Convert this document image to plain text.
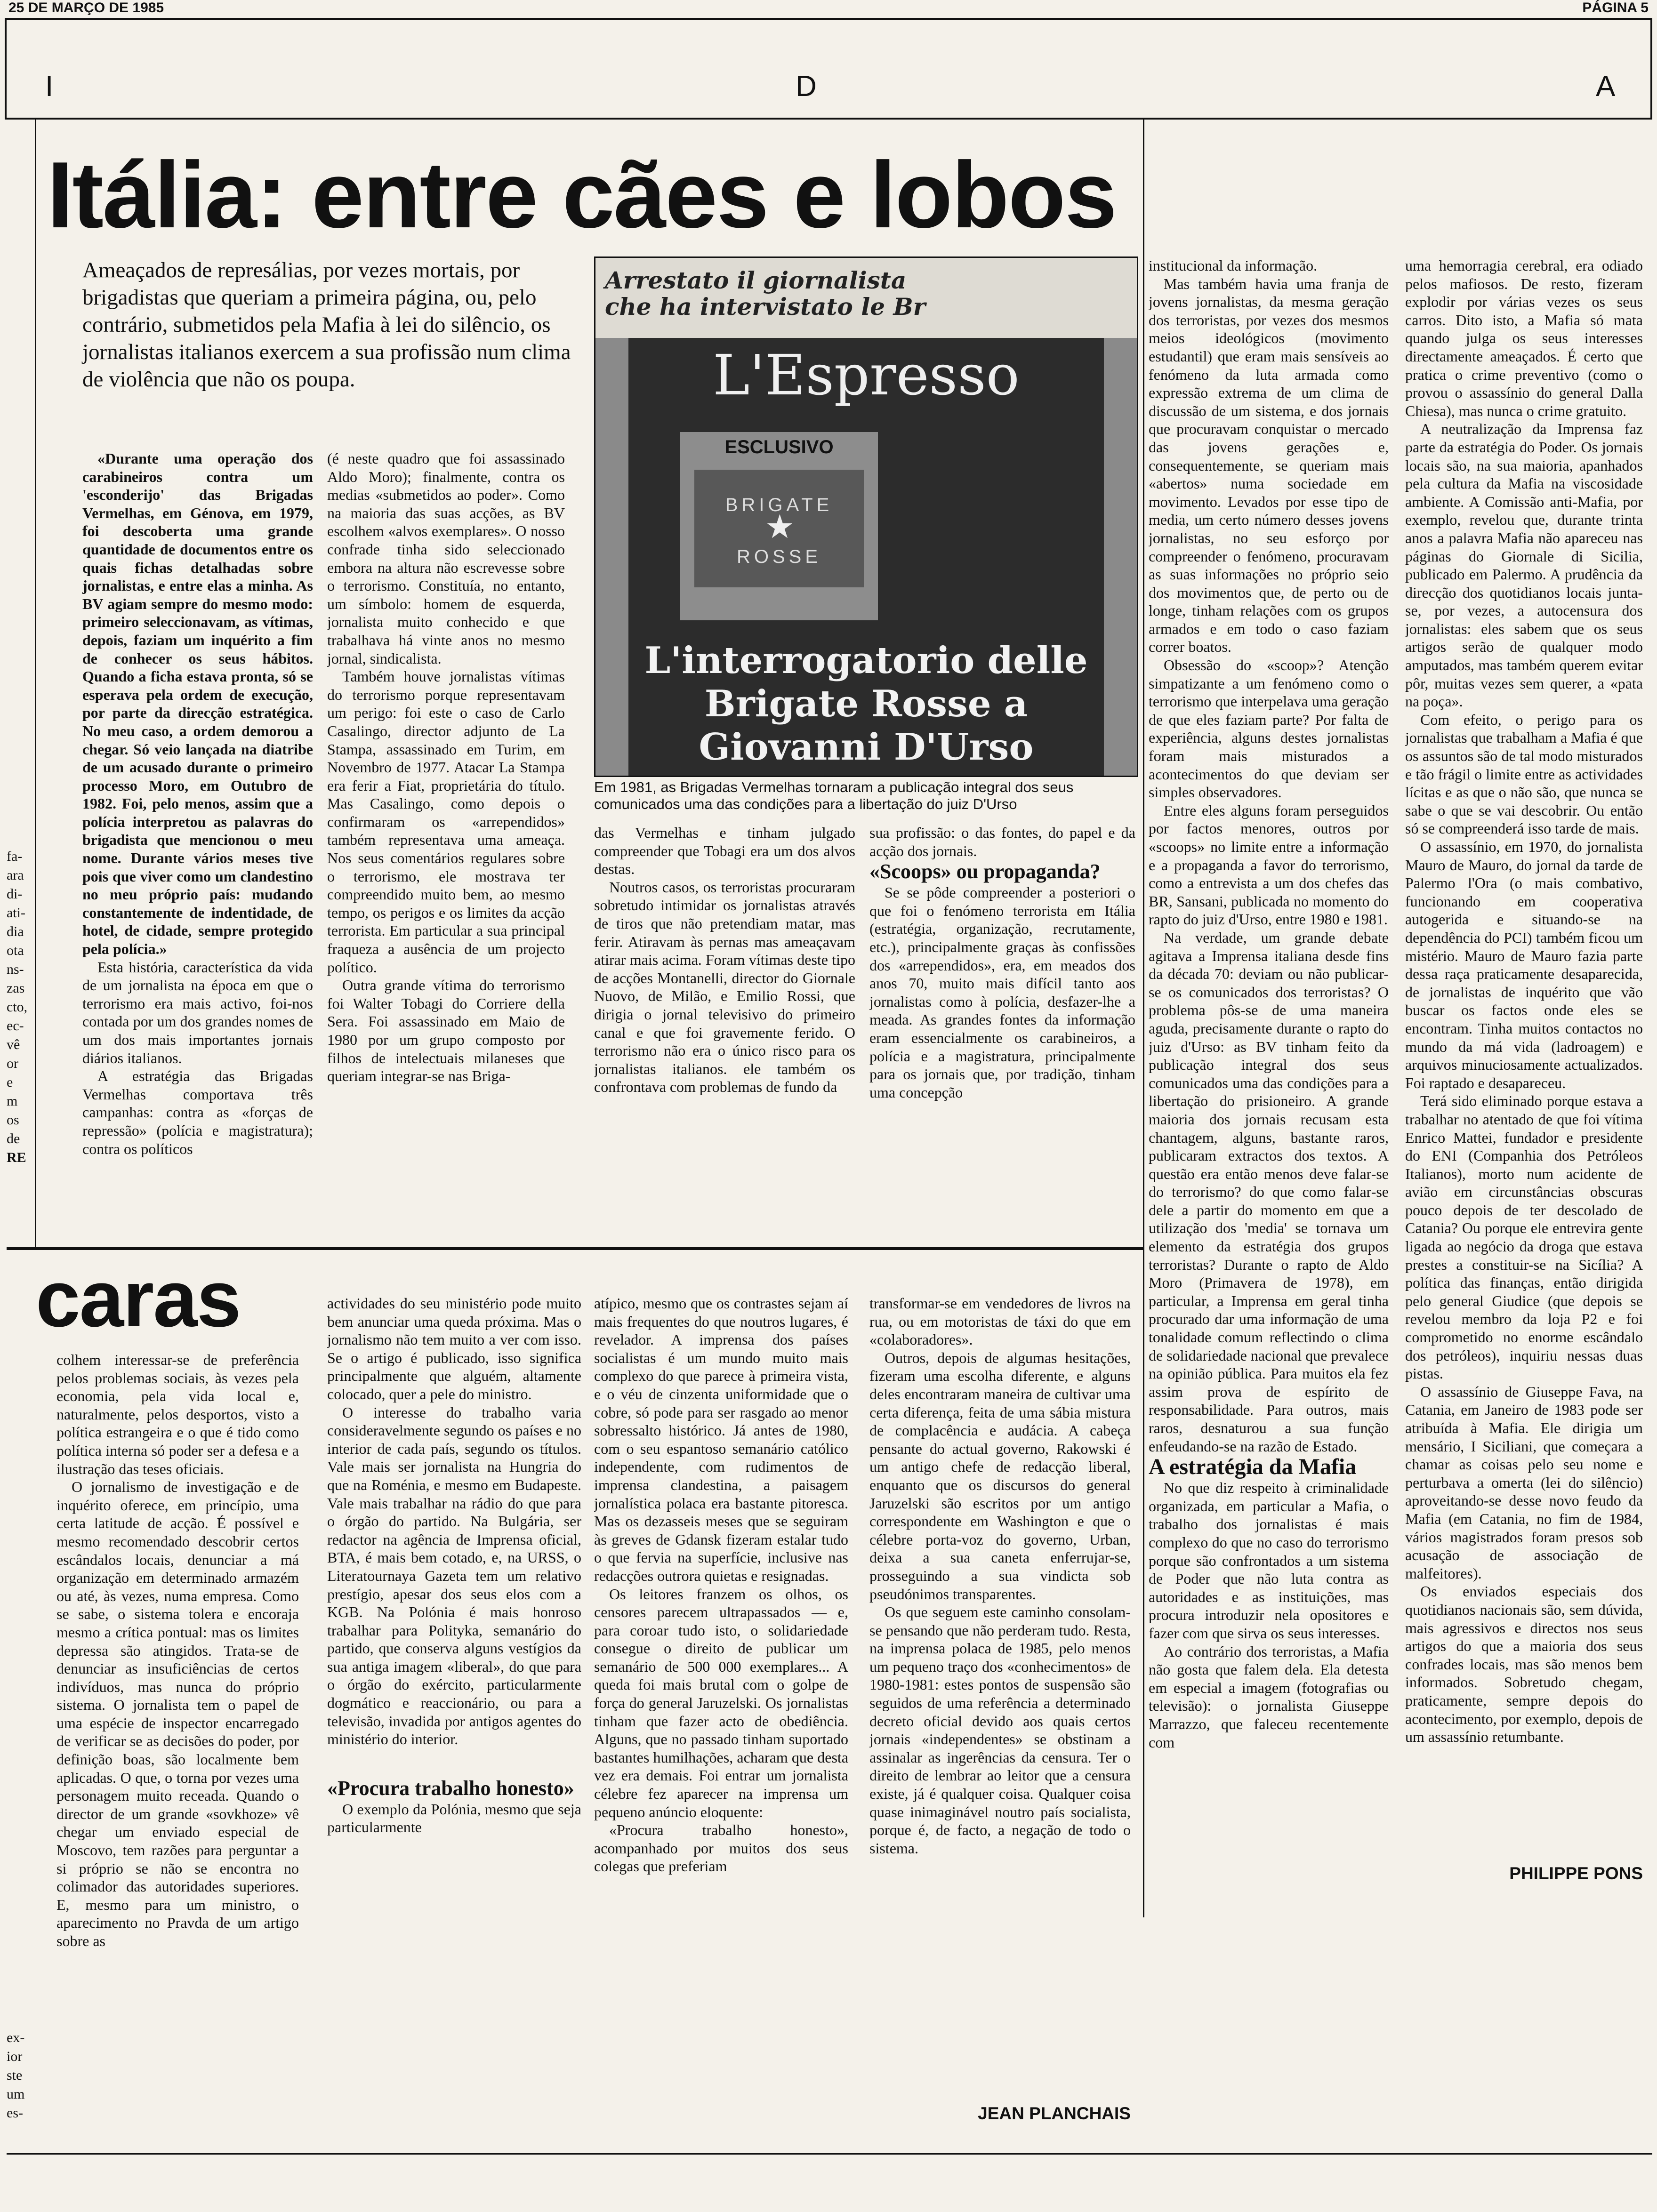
25 DE MARÇO DE 1985	PÁGINA 5
I	D	A
fa-
ara
di-
ati-
dia
ota
ns-
zas
cto,
ec-
vê
or
e
m
os
de
RE
ex-
ior
ste
um
es-
Itália: entre cães e lobos
Ameaçados de represálias, por vezes mortais, por brigadistas que queriam a primeira página, ou, pelo contrário, submetidos pela Mafia à lei do silêncio, os jornalistas italianos exercem a sua profissão num clima de violência que não os poupa.

«Durante uma operação dos carabineiros contra um 'esconderijo' das Brigadas Vermelhas, em Génova, em 1979, foi descoberta uma grande quantidade de documentos entre os quais fichas detalhadas sobre jornalistas, e entre elas a minha. As BV agiam sempre do mesmo modo: primeiro seleccionavam, as vítimas, depois, faziam um inquérito a fim de conhecer os seus hábitos. Quando a ficha estava pronta, só se esperava pela ordem de execução, por parte da direcção estratégica. No meu caso, a ordem demorou a chegar. Só veio lançada na diatribe de um acusado durante o primeiro processo Moro, em Outubro de 1982. Foi, pelo menos, assim que a polícia interpretou as palavras do brigadista que mencionou o meu nome. Durante vários meses tive pois que viver como um clandestino no meu próprio país: mudando constantemente de indentidade, de hotel, de cidade, sempre protegido pela polícia.»

Esta história, característica da vida de um jornalista na época em que o terrorismo era mais activo, foi-nos contada por um dos grandes nomes de um dos mais importantes jornais diários italianos.

A estratégia das Brigadas Vermelhas comportava três campanhas: contra as «forças de repressão» (polícia e magistratura); contra os políticos

(é neste quadro que foi assassinado Aldo Moro); finalmente, contra os medias «submetidos ao poder». Como na maioria das suas acções, as BV escolhem «alvos exemplares». O nosso confrade tinha sido seleccionado embora na altura não escrevesse sobre o terrorismo. Constituía, no entanto, um símbolo: homem de esquerda, jornalista muito conhecido e que trabalhava há vinte anos no mesmo jornal, sindicalista.

Também houve jornalistas vítimas do terrorismo porque representavam um perigo: foi este o caso de Carlo Casalingo, director adjunto de La Stampa, assassinado em Turim, em Novembro de 1977. Atacar La Stampa era ferir a Fiat, proprietária do título. Mas Casalingo, como depois o confirmaram os «arrependidos» também representava uma ameaça. Nos seus comentários regulares sobre o terrorismo, ele mostrava ter compreendido muito bem, ao mesmo tempo, os perigos e os limites da acção terrorista. Em particular a sua principal fraqueza a ausência de um projecto político.

Outra grande vítima do terrorismo foi Walter Tobagi do Corriere della Sera. Foi assassinado em Maio de 1980 por um grupo composto por filhos de intelectuais milaneses que queriam integrar-se nas Briga-

Arrestato il giornalista che ha intervistato le Br
L'Espresso
ESCLUSIVO
BRIGATE ROSSE
★
L'interrogatorio delle Brigate Rosse a Giovanni D'Urso
Em 1981, as Brigadas Vermelhas tornaram a publicação integral dos seus comunicados uma das condições para a libertação do juiz D'Urso

das Vermelhas e tinham julgado compreender que Tobagi era um dos alvos destas.

Noutros casos, os terroristas procuraram sobretudo intimidar os jornalistas através de tiros que não pretendiam matar, mas ferir. Atiravam às pernas mas ameaçavam atirar mais acima. Foram vítimas deste tipo de acções Montanelli, director do Giornale Nuovo, de Milão, e Emilio Rossi, que dirigia o jornal televisivo do primeiro canal e que foi gravemente ferido. O terrorismo não era o único risco para os jornalistas italianos. ele também os confrontava com problemas de fundo da

sua profissão: o das fontes, do papel e da acção dos jornais.

«Scoops» ou propaganda?

Se se pôde compreender a posteriori o que foi o fenómeno terrorista em Itália (estratégia, organização, recrutamente, etc.), principalmente graças às confissões dos «arrependidos», era, em meados dos anos 70, muito mais difícil tanto aos jornalistas como à polícia, desfazer-lhe a meada. As grandes fontes da informação eram essencialmente os carabineiros, a polícia e a magistratura, principalmente para os jornais que, por tradição, tinham uma concepção

institucional da informação.

Mas também havia uma franja de jovens jornalistas, da mesma geração dos terroristas, por vezes dos mesmos meios ideológicos (movimento estudantil) que eram mais sensíveis ao fenómeno da luta armada como expressão extrema de um clima de discussão de um sistema, e dos jornais que procuravam conquistar o mercado das jovens gerações e, consequentemente, se queriam mais «abertos» numa sociedade em movimento. Levados por esse tipo de media, um certo número desses jovens jornalistas, no seu esforço por compreender o fenómeno, procuravam as suas informações no próprio seio dos movimentos que, de perto ou de longe, tinham relações com os grupos armados e em todo o caso faziam correr boatos.

Obsessão do «scoop»? Atenção simpatizante a um fenómeno como o terrorismo que interpelava uma geração de que eles faziam parte? Por falta de experiência, alguns destes jornalistas foram mais misturados a acontecimentos do que deviam ser simples observadores.

Entre eles alguns foram perseguidos por factos menores, outros por «scoops» no limite entre a informação e a propaganda a favor do terrorismo, como a entrevista a um dos chefes das BR, Sansani, publicada no momento do rapto do juiz d'Urso, entre 1980 e 1981.

Na verdade, um grande debate agitava a Imprensa italiana desde fins da década 70: deviam ou não publicar-se os comunicados dos terroristas? O problema pôs-se de uma maneira aguda, precisamente durante o rapto do juiz d'Urso: as BV tinham feito da publicação integral dos seus comunicados uma das condições para a libertação do prisioneiro. A grande maioria dos jornais recusam esta chantagem, alguns, bastante raros, publicaram extractos dos textos. A questão era então menos deve falar-se do terrorismo? do que como falar-se dele a partir do momento em que a utilização dos 'media' se tornava um elemento da estratégia dos grupos terroristas? Durante o rapto de Aldo Moro (Primavera de 1978), em particular, a Imprensa em geral tinha procurado dar uma informação de uma tonalidade comum reflectindo o clima de solidariedade nacional que prevalece na opinião pública. Para muitos ela fez assim prova de espírito de responsabilidade. Para outros, mais raros, desnaturou a sua função enfeudando-se na razão de Estado.

A estratégia da Mafia

No que diz respeito à criminalidade organizada, em particular a Mafia, o trabalho dos jornalistas é mais complexo do que no caso do terrorismo porque são confrontados a um sistema de Poder que não luta contra as autoridades e as instituições, mas procura introduzir nela opositores e fazer com que sirva os seus interesses.

Ao contrário dos terroristas, a Mafia não gosta que falem dela. Ela detesta em especial a imagem (fotografias ou televisão): o jornalista Giuseppe Marrazzo, que faleceu recentemente com

uma hemorragia cerebral, era odiado pelos mafiosos. De resto, fizeram explodir por várias vezes os seus carros. Dito isto, a Mafia só mata quando julga os seus interesses directamente ameaçados. É certo que pratica o crime preventivo (como o provou o assassínio do general Dalla Chiesa), mas nunca o crime gratuito.

A neutralização da Imprensa faz parte da estratégia do Poder. Os jornais locais são, na sua maioria, apanhados pela cultura da Mafia na viscosidade ambiente. A Comissão anti-Mafia, por exemplo, revelou que, durante trinta anos a palavra Mafia não apareceu nas páginas do Giornale di Sicilia, publicado em Palermo. A prudência da direcção dos quotidianos locais junta-se, por vezes, a autocensura dos jornalistas: eles sabem que os seus artigos serão de qualquer modo amputados, mas também querem evitar pôr, muitas vezes sem querer, a «pata na poça».

Com efeito, o perigo para os jornalistas que trabalham a Mafia é que os assuntos são de tal modo misturados e tão frágil o limite entre as actividades lícitas e as que o não são, que nunca se sabe o que se vai descobrir. Ou então só se compreenderá isso tarde de mais.

O assassínio, em 1970, do jornalista Mauro de Mauro, do jornal da tarde de Palermo l'Ora (o mais combativo, funcionando em cooperativa autogerida e situando-se na dependência do PCI) também ficou um mistério. Mauro de Mauro fazia parte dessa raça praticamente desaparecida, de jornalistas de inquérito que vão buscar os factos onde eles se encontram. Tinha muitos contactos no mundo da má vida (ladroagem) e arquivos minuciosamente actualizados. Foi raptado e desapareceu.

Terá sido eliminado porque estava a trabalhar no atentado de que foi vítima Enrico Mattei, fundador e presidente do ENI (Companhia dos Petróleos Italianos), morto num acidente de avião em circunstâncias obscuras pouco depois de ter descolado de Catania? Ou porque ele entrevira gente ligada ao negócio da droga que estava prestes a constituir-se na Sicília? A política das finanças, então dirigida pelo general Giudice (que depois se revelou membro da loja P2 e foi comprometido no enorme escândalo dos petróleos), inquiriu nessas duas pistas.

O assassínio de Giuseppe Fava, na Catania, em Janeiro de 1983 pode ser atribuída à Mafia. Ele dirigia um mensário, I Siciliani, que começara a chamar as coisas pelo seu nome e perturbava a omerta (lei do silêncio) aproveitando-se desse novo feudo da Mafia (em Catania, no fim de 1984, vários magistrados foram presos sob acusação de associação de malfeitores).

Os enviados especiais dos quotidianos nacionais são, sem dúvida, mais agressivos e directos nos seus artigos do que a maioria dos seus confrades locais, mas são menos bem informados. Sobretudo chegam, praticamente, sempre depois do acontecimento, por exemplo, depois de um assassínio retumbante.

PHILIPPE PONS
caras

colhem interessar-se de preferência pelos problemas sociais, às vezes pela economia, pela vida local e, naturalmente, pelos desportos, visto a política estrangeira e o que é tido como política interna só poder ser a defesa e a ilustração das teses oficiais.

O jornalismo de investigação e de inquérito oferece, em princípio, uma certa latitude de acção. É possível e mesmo recomendado descobrir certos escândalos locais, denunciar a má organização em determinado armazém ou até, às vezes, numa empresa. Como se sabe, o sistema tolera e encoraja mesmo a crítica pontual: mas os limites depressa são atingidos. Trata-se de denunciar as insuficiências de certos indivíduos, mas nunca do próprio sistema. O jornalista tem o papel de uma espécie de inspector encarregado de verificar se as decisões do poder, por definição boas, são localmente bem aplicadas. O que, o torna por vezes uma personagem muito receada. Quando o director de um grande «sovkhoze» vê chegar um enviado especial de Moscovo, tem razões para perguntar a si próprio se não se encontra no colimador das autoridades superiores. E, mesmo para um ministro, o aparecimento no Pravda de um artigo sobre as

actividades do seu ministério pode muito bem anunciar uma queda próxima. Mas o jornalismo não tem muito a ver com isso. Se o artigo é publicado, isso significa principalmente que alguém, altamente colocado, quer a pele do ministro.

O interesse do trabalho varia consideravelmente segundo os países e no interior de cada país, segundo os títulos. Vale mais ser jornalista na Hungria do que na Roménia, e mesmo em Budapeste. Vale mais trabalhar na rádio do que para o órgão do partido. Na Bulgária, ser redactor na agência de Imprensa oficial, BTA, é mais bem cotado, e, na URSS, o Literatournaya Gazeta tem um relativo prestígio, apesar dos seus elos com a KGB. Na Polónia é mais honroso trabalhar para Polityka, semanário do partido, que conserva alguns vestígios da sua antiga imagem «liberal», do que para o órgão do exército, particularmente dogmático e reaccionário, ou para a televisão, invadida por antigos agentes do ministério do interior.

«Procura trabalho honesto»

O exemplo da Polónia, mesmo que seja particularmente

atípico, mesmo que os contrastes sejam aí mais frequentes do que noutros lugares, é revelador. A imprensa dos países socialistas é um mundo muito mais complexo do que parece à primeira vista, e o véu de cinzenta uniformidade que o cobre, só pode para ser rasgado ao menor sobressalto histórico. Já antes de 1980, com o seu espantoso semanário católico independente, com rudimentos de imprensa clandestina, a paisagem jornalística polaca era bastante pitoresca. Mas os dezasseis meses que se seguiram às greves de Gdansk fizeram estalar tudo o que fervia na superfície, inclusive nas redacções outrora quietas e resignadas.

Os leitores franzem os olhos, os censores parecem ultrapassados — e, para coroar tudo isto, o solidariedade consegue o direito de publicar um semanário de 500 000 exemplares... A queda foi mais brutal com o golpe de força do general Jaruzelski. Os jornalistas tinham que fazer acto de obediência. Alguns, que no passado tinham suportado bastantes humilhações, acharam que desta vez era demais. Foi entrar um jornalista célebre fez aparecer na imprensa um pequeno anúncio eloquente:

«Procura trabalho honesto», acompanhado por muitos dos seus colegas que preferiam

transformar-se em vendedores de livros na rua, ou em motoristas de táxi do que em «colaboradores».

Outros, depois de algumas hesitações, fizeram uma escolha diferente, e alguns deles encontraram maneira de cultivar uma certa diferença, feita de uma sábia mistura de complacência e audácia. A cabeça pensante do actual governo, Rakowski é um antigo chefe de redacção liberal, enquanto que os discursos do general Jaruzelski são escritos por um antigo correspondente em Washington e que o célebre porta-voz do governo, Urban, deixa a sua caneta enferrujar-se, prosseguindo a sua vindicta sob pseudónimos transparentes.

Os que seguem este caminho consolam-se pensando que não perderam tudo. Resta, na imprensa polaca de 1985, pelo menos um pequeno traço dos «conhecimentos» de 1980-1981: estes pontos de suspensão são seguidos de uma referência a determinado decreto oficial devido aos quais certos jornais «independentes» se obstinam a assinalar as ingerências da censura. Ter o direito de lembrar ao leitor que a censura existe, já é qualquer coisa. Qualquer coisa quase inimaginável noutro país socialista, porque é, de facto, a negação de todo o sistema.

JEAN PLANCHAIS
